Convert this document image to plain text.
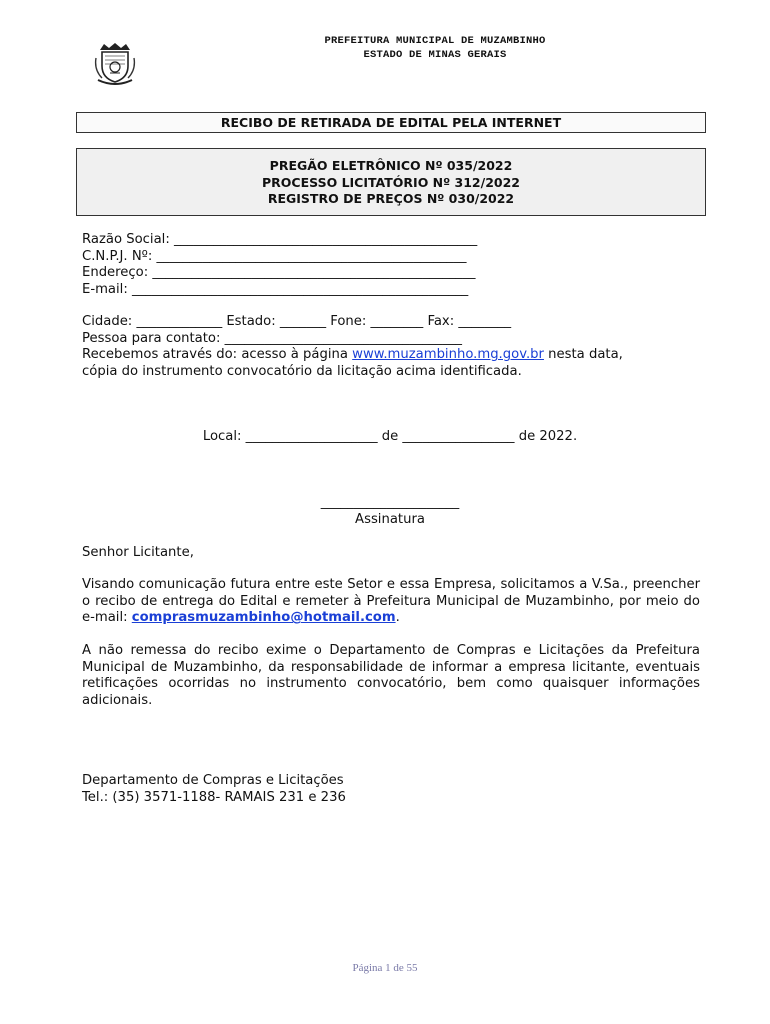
PREFEITURA MUNICIPAL DE MUZAMBINHO
ESTADO DE MINAS GERAIS
RECIBO DE RETIRADA DE EDITAL PELA INTERNET
PREGÃO ELETRÔNICO Nº 035/2022
PROCESSO LICITATÓRIO Nº 312/2022
REGISTRO DE PREÇOS Nº 030/2022
Razão Social: ______________________________________________
C.N.P.J. Nº: _______________________________________________
Endereço: _________________________________________________
E-mail: ___________________________________________________
Cidade: _____________ Estado: _______ Fone: ________ Fax: ________
Pessoa para contato: ____________________________________
Recebemos através do: acesso à página www.muzambinho.mg.gov.br nesta data,
cópia do instrumento convocatório da licitação acima identificada.
Local: ____________________ de _________________ de 2022.
_____________________
Assinatura
Senhor Licitante,
Visando comunicação futura entre este Setor e essa Empresa, solicitamos a V.Sa., preencher o recibo de entrega do Edital e remeter à Prefeitura Municipal de Muzambinho, por meio do e-mail: comprasmuzambinho@hotmail.com.
A não remessa do recibo exime o Departamento de Compras e Licitações da Prefeitura Municipal de Muzambinho, da responsabilidade de informar a empresa licitante, eventuais retificações ocorridas no instrumento convocatório, bem como quaisquer informações adicionais.
Departamento de Compras e Licitações
Tel.: (35) 3571-1188- RAMAIS 231 e 236
Página 1 de 55
